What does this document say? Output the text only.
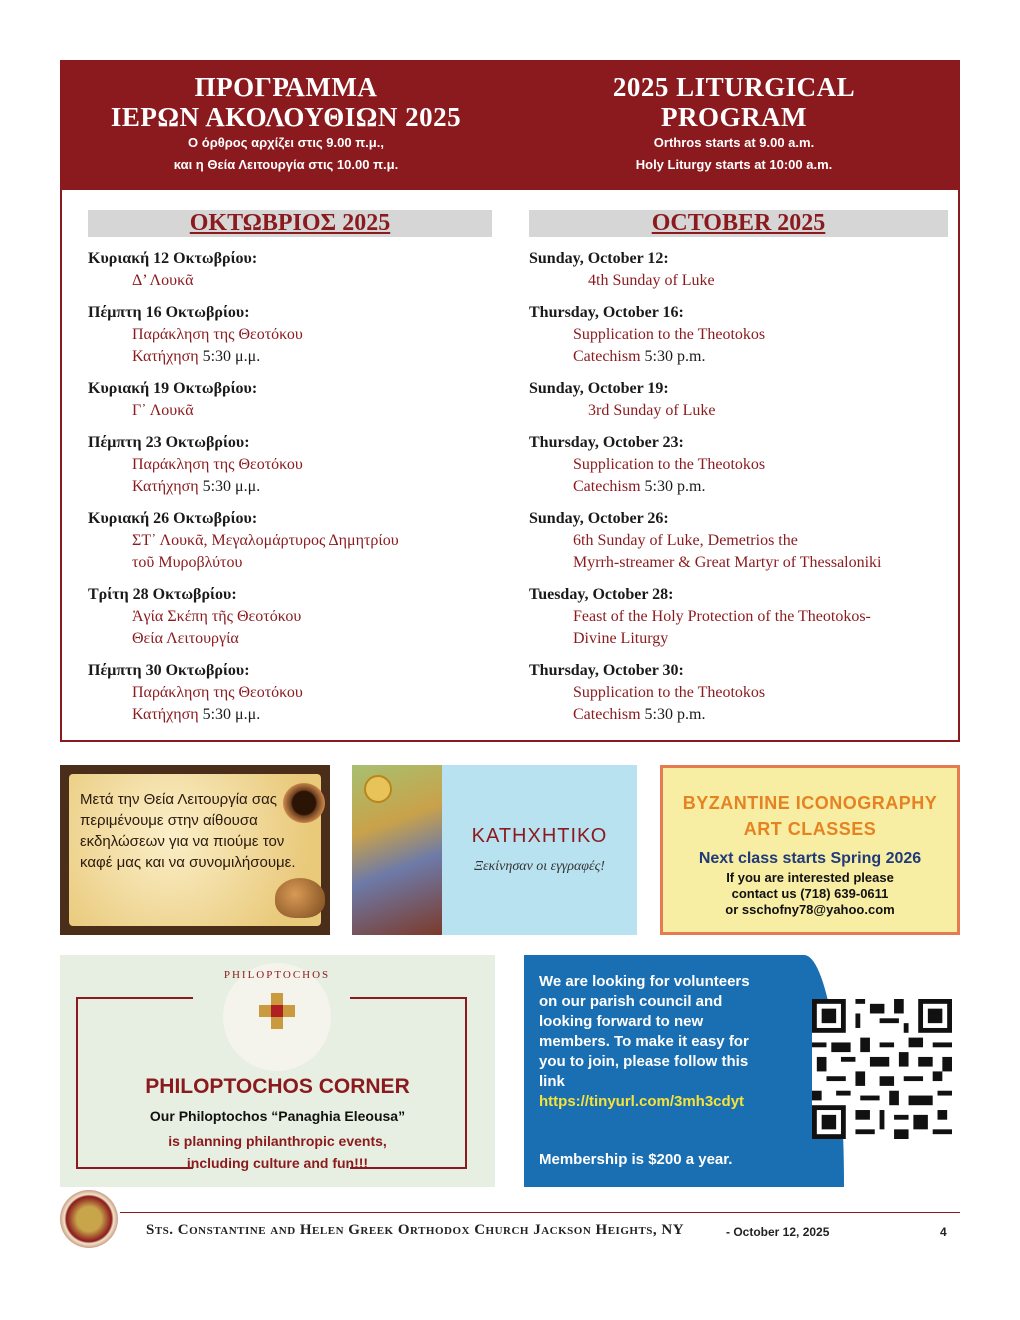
ΠΡΟΓΡΑΜΜΑ
ΙΕΡΩΝ ΑΚΟΛΟΥΘΙΩΝ 2025
Ο όρθρος αρχίζει στις 9.00 π.μ.,
και η Θεία Λειτουργία στις 10.00 π.μ.
2025 LITURGICAL
PROGRAM
Orthros starts at 9.00 a.m.
Holy Liturgy starts at 10:00 a.m.
ΟΚΤΩΒΡΙΟΣ 2025	OCTOBER 2025
Κυριακή 12 Οκτωβρίου:
Δ’ Λουκᾶ
Πέμπτη 16 Οκτωβρίου:
Παράκληση της Θεοτόκου
Κατήχηση 5:30 μ.μ.
Κυριακή 19 Οκτωβρίου:
Γ᾽ Λουκᾶ
Πέμπτη 23 Οκτωβρίου:
Παράκληση της Θεοτόκου
Κατήχηση 5:30 μ.μ.
Κυριακή 26 Οκτωβρίου:
ΣΤ᾽ Λουκᾶ, Μεγαλομάρτυρος Δημητρίου
τοῦ Μυροβλύτου
Τρίτη 28 Οκτωβρίου:
Ἁγία Σκέπη τῆς Θεοτόκου
Θεία Λειτουργία
Πέμπτη 30 Οκτωβρίου:
Παράκληση της Θεοτόκου
Κατήχηση 5:30 μ.μ.
Sunday, October 12:
4th Sunday of Luke
Thursday, October 16:
Supplication to the Theotokos
Catechism 5:30 p.m.
Sunday, October 19:
3rd Sunday of Luke
Thursday, October 23:
Supplication to the Theotokos
Catechism 5:30 p.m.
Sunday, October 26:
6th Sunday of Luke, Demetrios the
Myrrh-streamer & Great Martyr of Thessaloniki
Tuesday, October 28:
Feast of the Holy Protection of the Theotokos-
Divine Liturgy
Thursday, October 30:
Supplication to the Theotokos
Catechism 5:30 p.m.
Μετά την Θεία Λειτουργία σας περιμένουμε στην αίθουσα εκδηλώσεων για να πιούμε τον καφέ μας και να συνομιλήσουμε.
ΚΑΤΗΧΗΤΙΚΟ
Ξεκίνησαν οι εγγραφές!
BYZANTINE ICONOGRAPHY
ART CLASSES
Next class starts Spring 2026
If you are interested please
contact us (718) 639-0611
or sschofny78@yahoo.com
PHILOPTOCHOS
PHILOPTOCHOS CORNER
Our Philoptochos “Panaghia Eleousa”
is planning philanthropic events,
including culture and fun!!!
We are looking for volunteers on our parish council and looking forward to new members. To make it easy for you to join, please follow this link
https://tinyurl.com/3mh3cdyt
Membership is $200 a year.
Sts. Constantine and Helen Greek Orthodox Church Jackson Heights, NY	- October 12, 2025	4
